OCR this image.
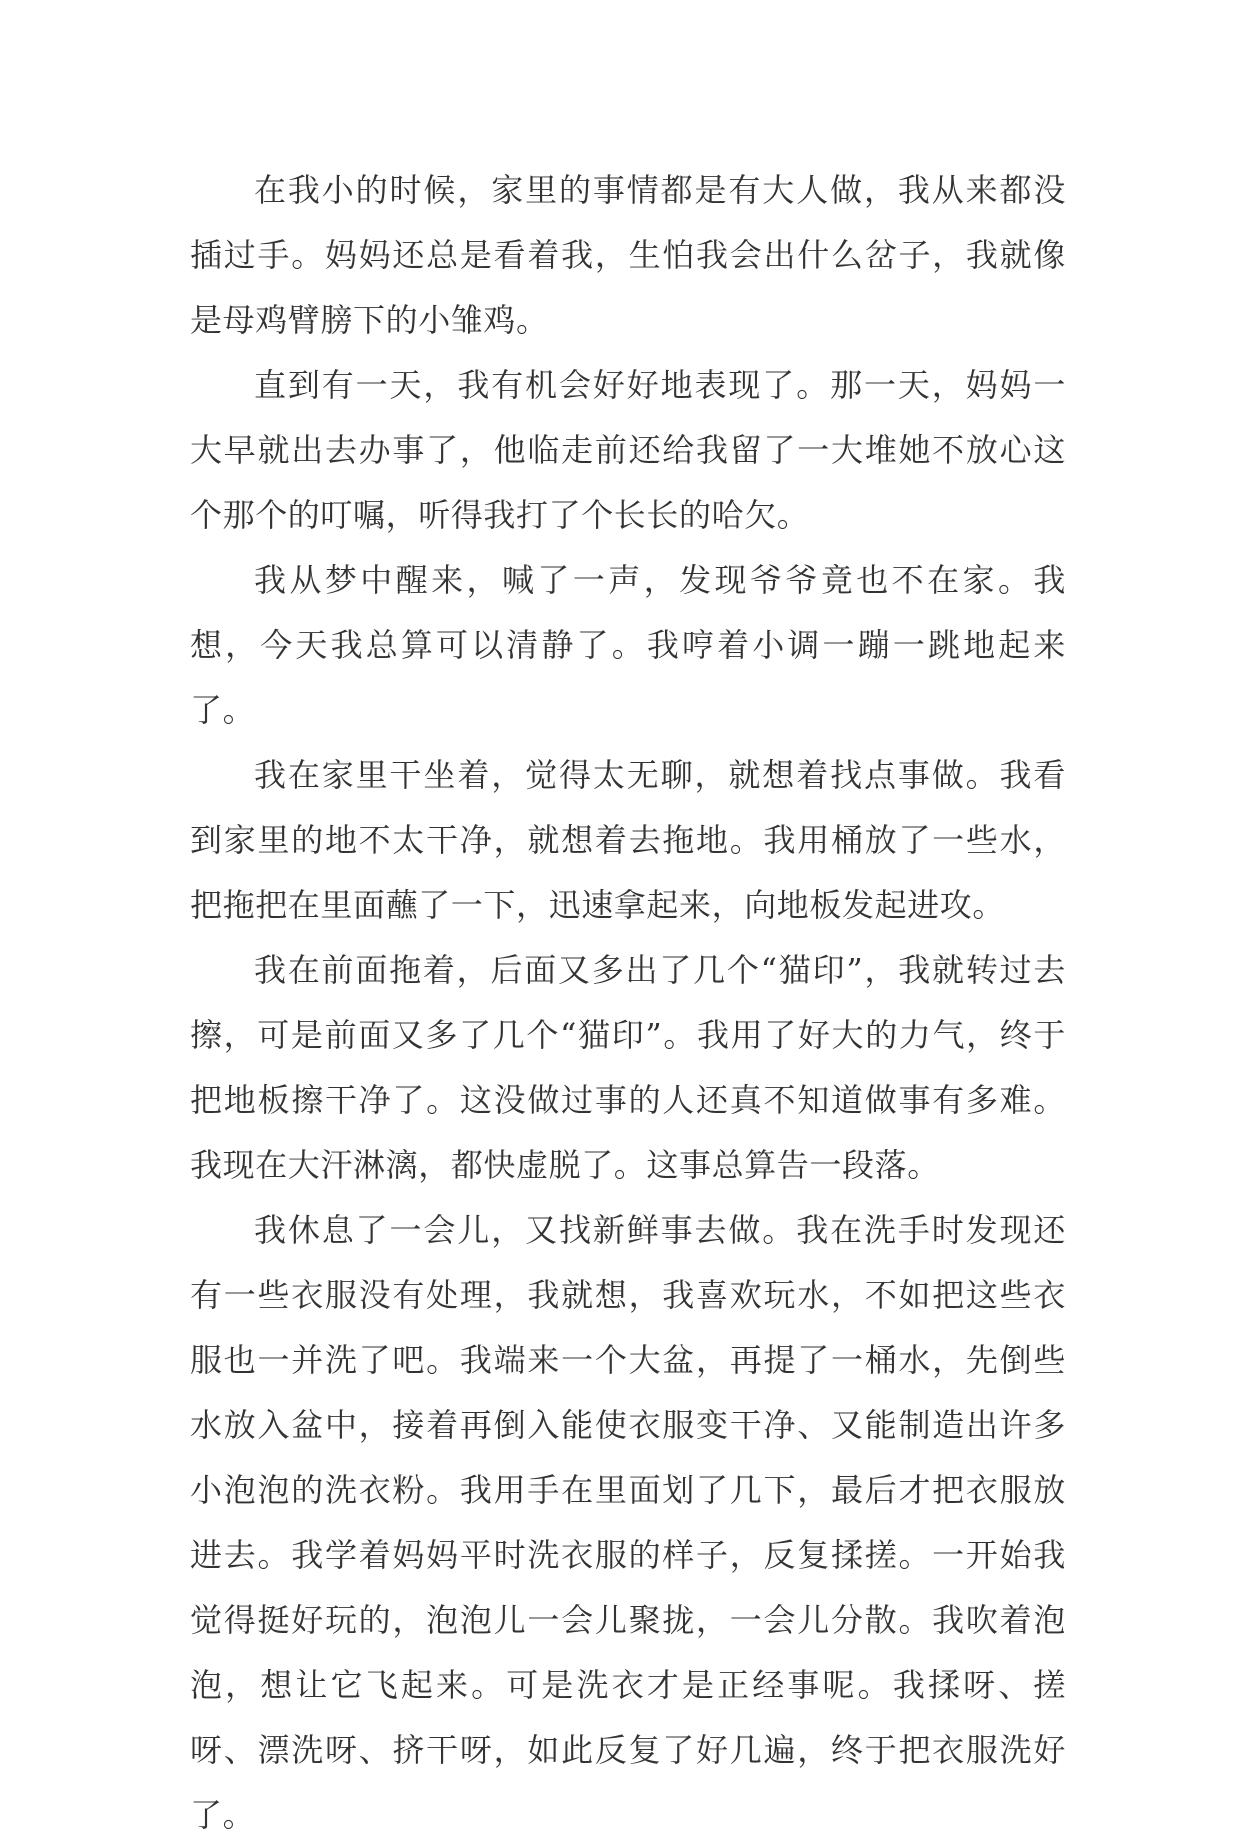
在我小的时候，家里的事情都是有大人做，我从来都没插过手。妈妈还总是看着我，生怕我会出什么岔子，我就像是母鸡臂膀下的小雏鸡。

直到有一天，我有机会好好地表现了。那一天，妈妈一大早就出去办事了，他临走前还给我留了一大堆她不放心这个那个的叮嘱，听得我打了个长长的哈欠。

我从梦中醒来，喊了一声，发现爷爷竟也不在家。我想，今天我总算可以清静了。我哼着小调一蹦一跳地起来了。

我在家里干坐着，觉得太无聊，就想着找点事做。我看到家里的地不太干净，就想着去拖地。我用桶放了一些水，把拖把在里面蘸了一下，迅速拿起来，向地板发起进攻。

我在前面拖着，后面又多出了几个“猫印”，我就转过去擦，可是前面又多了几个“猫印”。我用了好大的力气，终于把地板擦干净了。这没做过事的人还真不知道做事有多难。我现在大汗淋漓，都快虚脱了。这事总算告一段落。

我休息了一会儿，又找新鲜事去做。我在洗手时发现还有一些衣服没有处理，我就想，我喜欢玩水，不如把这些衣服也一并洗了吧。我端来一个大盆，再提了一桶水，先倒些水放入盆中，接着再倒入能使衣服变干净、又能制造出许多小泡泡的洗衣粉。我用手在里面划了几下，最后才把衣服放进去。我学着妈妈平时洗衣服的样子，反复揉搓。一开始我觉得挺好玩的，泡泡儿一会儿聚拢，一会儿分散。我吹着泡泡，想让它飞起来。可是洗衣才是正经事呢。我揉呀、搓呀、漂洗呀、挤干呀，如此反复了好几遍，终于把衣服洗好了。
